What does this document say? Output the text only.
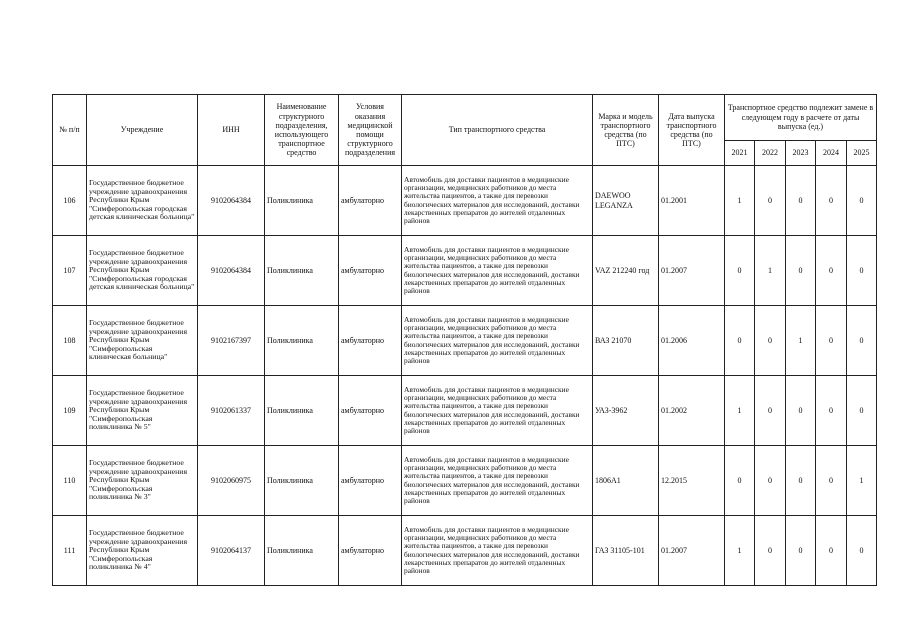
№ п/п	Учреждение	ИНН	Наименование структурного подразделения, использующего транспортное средство	Условия оказания медицинской помощи структурного подразделения	Тип транспортного средства	Марка и модель транспортного средства (по ПТС)	Дата выпуска транспортного средства (по ПТС)	Транспортное средство подлежит замене в следующем году в расчете от даты выпуска (ед.)				
								2021	2022	2023	2024	2025
106	Государственное бюджетное учреждение здравоохранения Республики Крым "Симферопольская городская детская клиническая больница"	9102064384	Поликлиника	амбулаторно	Автомобиль для доставки пациентов в медицинские организации, медицинских работников до места жительства пациентов, а также для перевозки биологических материалов для исследований, доставки лекарственных препаратов до жителей отдаленных районов	DAEWOO LEGANZA	01.2001	1	0	0	0	0
107	Государственное бюджетное учреждение здравоохранения Республики Крым "Симферопольская городская детская клиническая больница"	9102064384	Поликлиника	амбулаторно	Автомобиль для доставки пациентов в медицинские организации, медицинских работников до места жительства пациентов, а также для перевозки биологических материалов для исследований, доставки лекарственных препаратов до жителей отдаленных районов	VAZ 212240 год	01.2007	0	1	0	0	0
108	Государственное бюджетное учреждение здравоохранения Республики Крым "Симферопольская клиническая больница"	9102167397	Поликлиника	амбулаторно	Автомобиль для доставки пациентов в медицинские организации, медицинских работников до места жительства пациентов, а также для перевозки биологических материалов для исследований, доставки лекарственных препаратов до жителей отдаленных районов	ВАЗ 21070	01.2006	0	0	1	0	0
109	Государственное бюджетное учреждение здравоохранения Республики Крым "Симферопольская поликлиника № 5"	9102061337	Поликлиника	амбулаторно	Автомобиль для доставки пациентов в медицинские организации, медицинских работников до места жительства пациентов, а также для перевозки биологических материалов для исследований, доставки лекарственных препаратов до жителей отдаленных районов	УАЗ-3962	01.2002	1	0	0	0	0
110	Государственное бюджетное учреждение здравоохранения Республики Крым "Симферопольская поликлиника № 3"	9102060975	Поликлиника	амбулаторно	Автомобиль для доставки пациентов в медицинские организации, медицинских работников до места жительства пациентов, а также для перевозки биологических материалов для исследований, доставки лекарственных препаратов до жителей отдаленных районов	1806А1	12.2015	0	0	0	0	1
111	Государственное бюджетное учреждение здравоохранения Республики Крым "Симферопольская поликлиника № 4"	9102064137	Поликлиника	амбулаторно	Автомобиль для доставки пациентов в медицинские организации, медицинских работников до места жительства пациентов, а также для перевозки биологических материалов для исследований, доставки лекарственных препаратов до жителей отдаленных районов	ГАЗ 31105-101	01.2007	1	0	0	0	0
